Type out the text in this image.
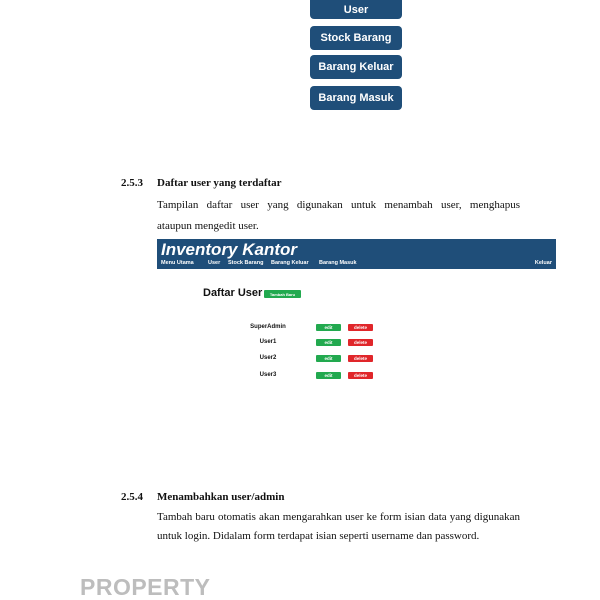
User
Stock Barang
Barang Keluar
Barang Masuk
2.5.3 Daftar user yang terdaftar
Tampilan daftar user yang digunakan untuk menambah user, menghapus
ataupun mengedit user.
Inventory Kantor
Menu Utama	User Stock Barang Barang Keluar Barang Masuk	Keluar
Daftar User	Tambah Baru
SuperAdmin	edit	delete
User1	edit	delete
User2	edit	delete
User3	edit	delete
2.5.4 Menambahkan user/admin
Tambah baru otomatis akan mengarahkan user ke form isian data yang digunakan
untuk login. Didalam form terdapat isian seperti username dan password.
PROPERTY
